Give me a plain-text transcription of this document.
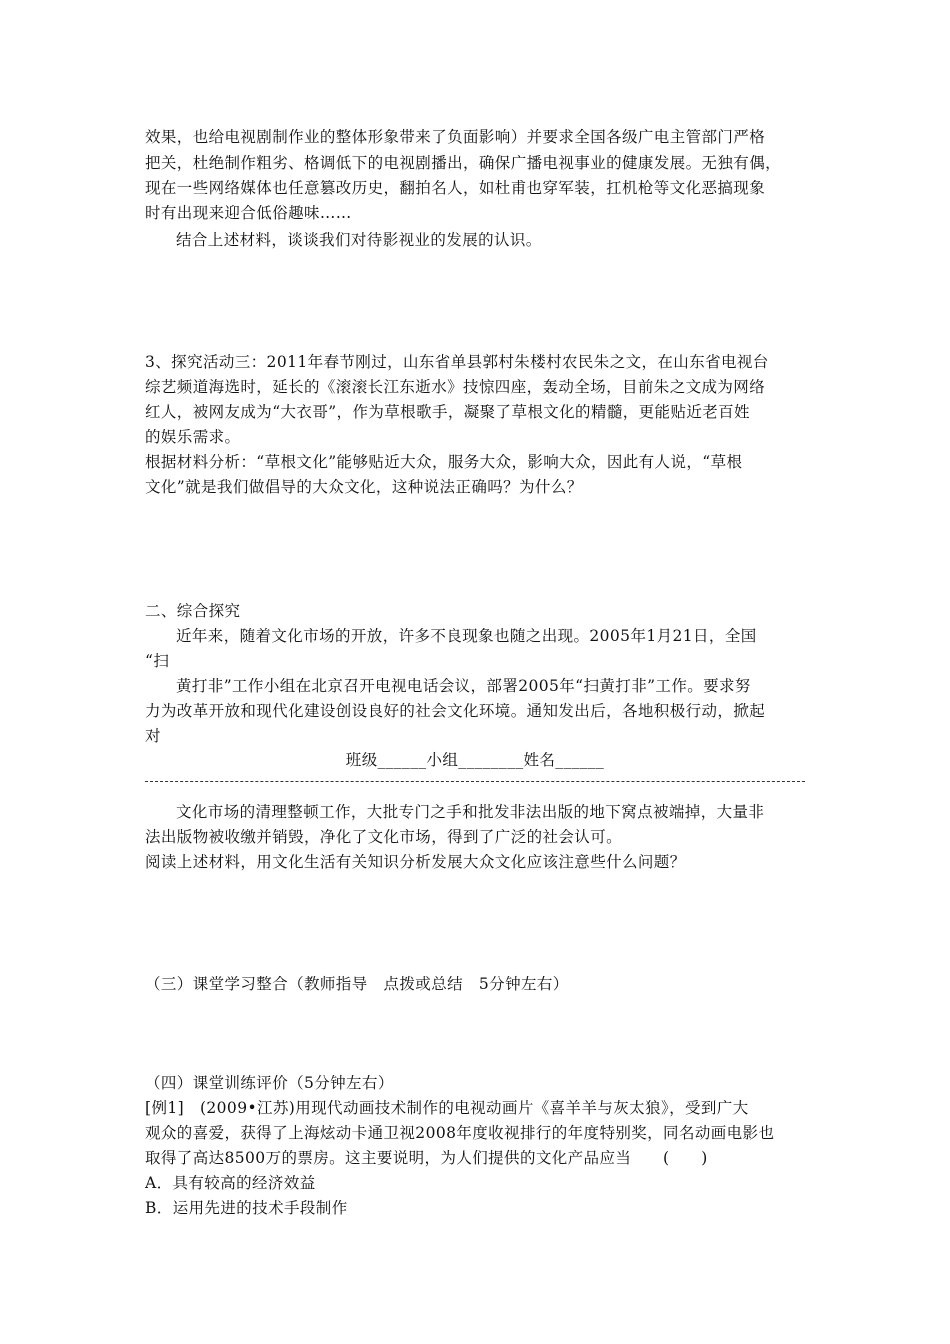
效果，也给电视剧制作业的整体形象带来了负面影响）并要求全国各级广电主管部门严格
把关，杜绝制作粗劣、格调低下的电视剧播出，确保广播电视事业的健康发展。无独有偶，
现在一些网络媒体也任意篡改历史，翻拍名人，如杜甫也穿军装，扛机枪等文化恶搞现象
时有出现来迎合低俗趣味……
结合上述材料，谈谈我们对待影视业的发展的认识。
3、探究活动三：2011年春节刚过，山东省单县郭村朱楼村农民朱之文，在山东省电视台
综艺频道海选时，延长的《滚滚长江东逝水》技惊四座，轰动全场，目前朱之文成为网络
红人，被网友成为“大衣哥”，作为草根歌手，凝聚了草根文化的精髓，更能贴近老百姓
的娱乐需求。
根据材料分析：“草根文化”能够贴近大众，服务大众，影响大众，因此有人说，“草根
文化”就是我们做倡导的大众文化，这种说法正确吗？为什么？
二、综合探究
近年来，随着文化市场的开放，许多不良现象也随之出现。2005年1月21日，全国
“扫
黄打非”工作小组在北京召开电视电话会议，部署2005年“扫黄打非”工作。要求努
力为改革开放和现代化建设创设良好的社会文化环境。通知发出后，各地积极行动，掀起
对
班级______小组________姓名______
文化市场的清理整顿工作，大批专门之手和批发非法出版的地下窝点被端掉，大量非
法出版物被收缴并销毁，净化了文化市场，得到了广泛的社会认可。
阅读上述材料，用文化生活有关知识分析发展大众文化应该注意些什么问题？
（三）课堂学习整合（教师指导　点拨或总结　5分钟左右）
（四）课堂训练评价（5分钟左右）
[例1]　(2009•江苏)用现代动画技术制作的电视动画片《喜羊羊与灰太狼》，受到广大
观众的喜爱，获得了上海炫动卡通卫视2008年度收视排行的年度特别奖，同名动画电影也
取得了高达8500万的票房。这主要说明，为人们提供的文化产品应当　　(　　)
A．具有较高的经济效益
B．运用先进的技术手段制作
